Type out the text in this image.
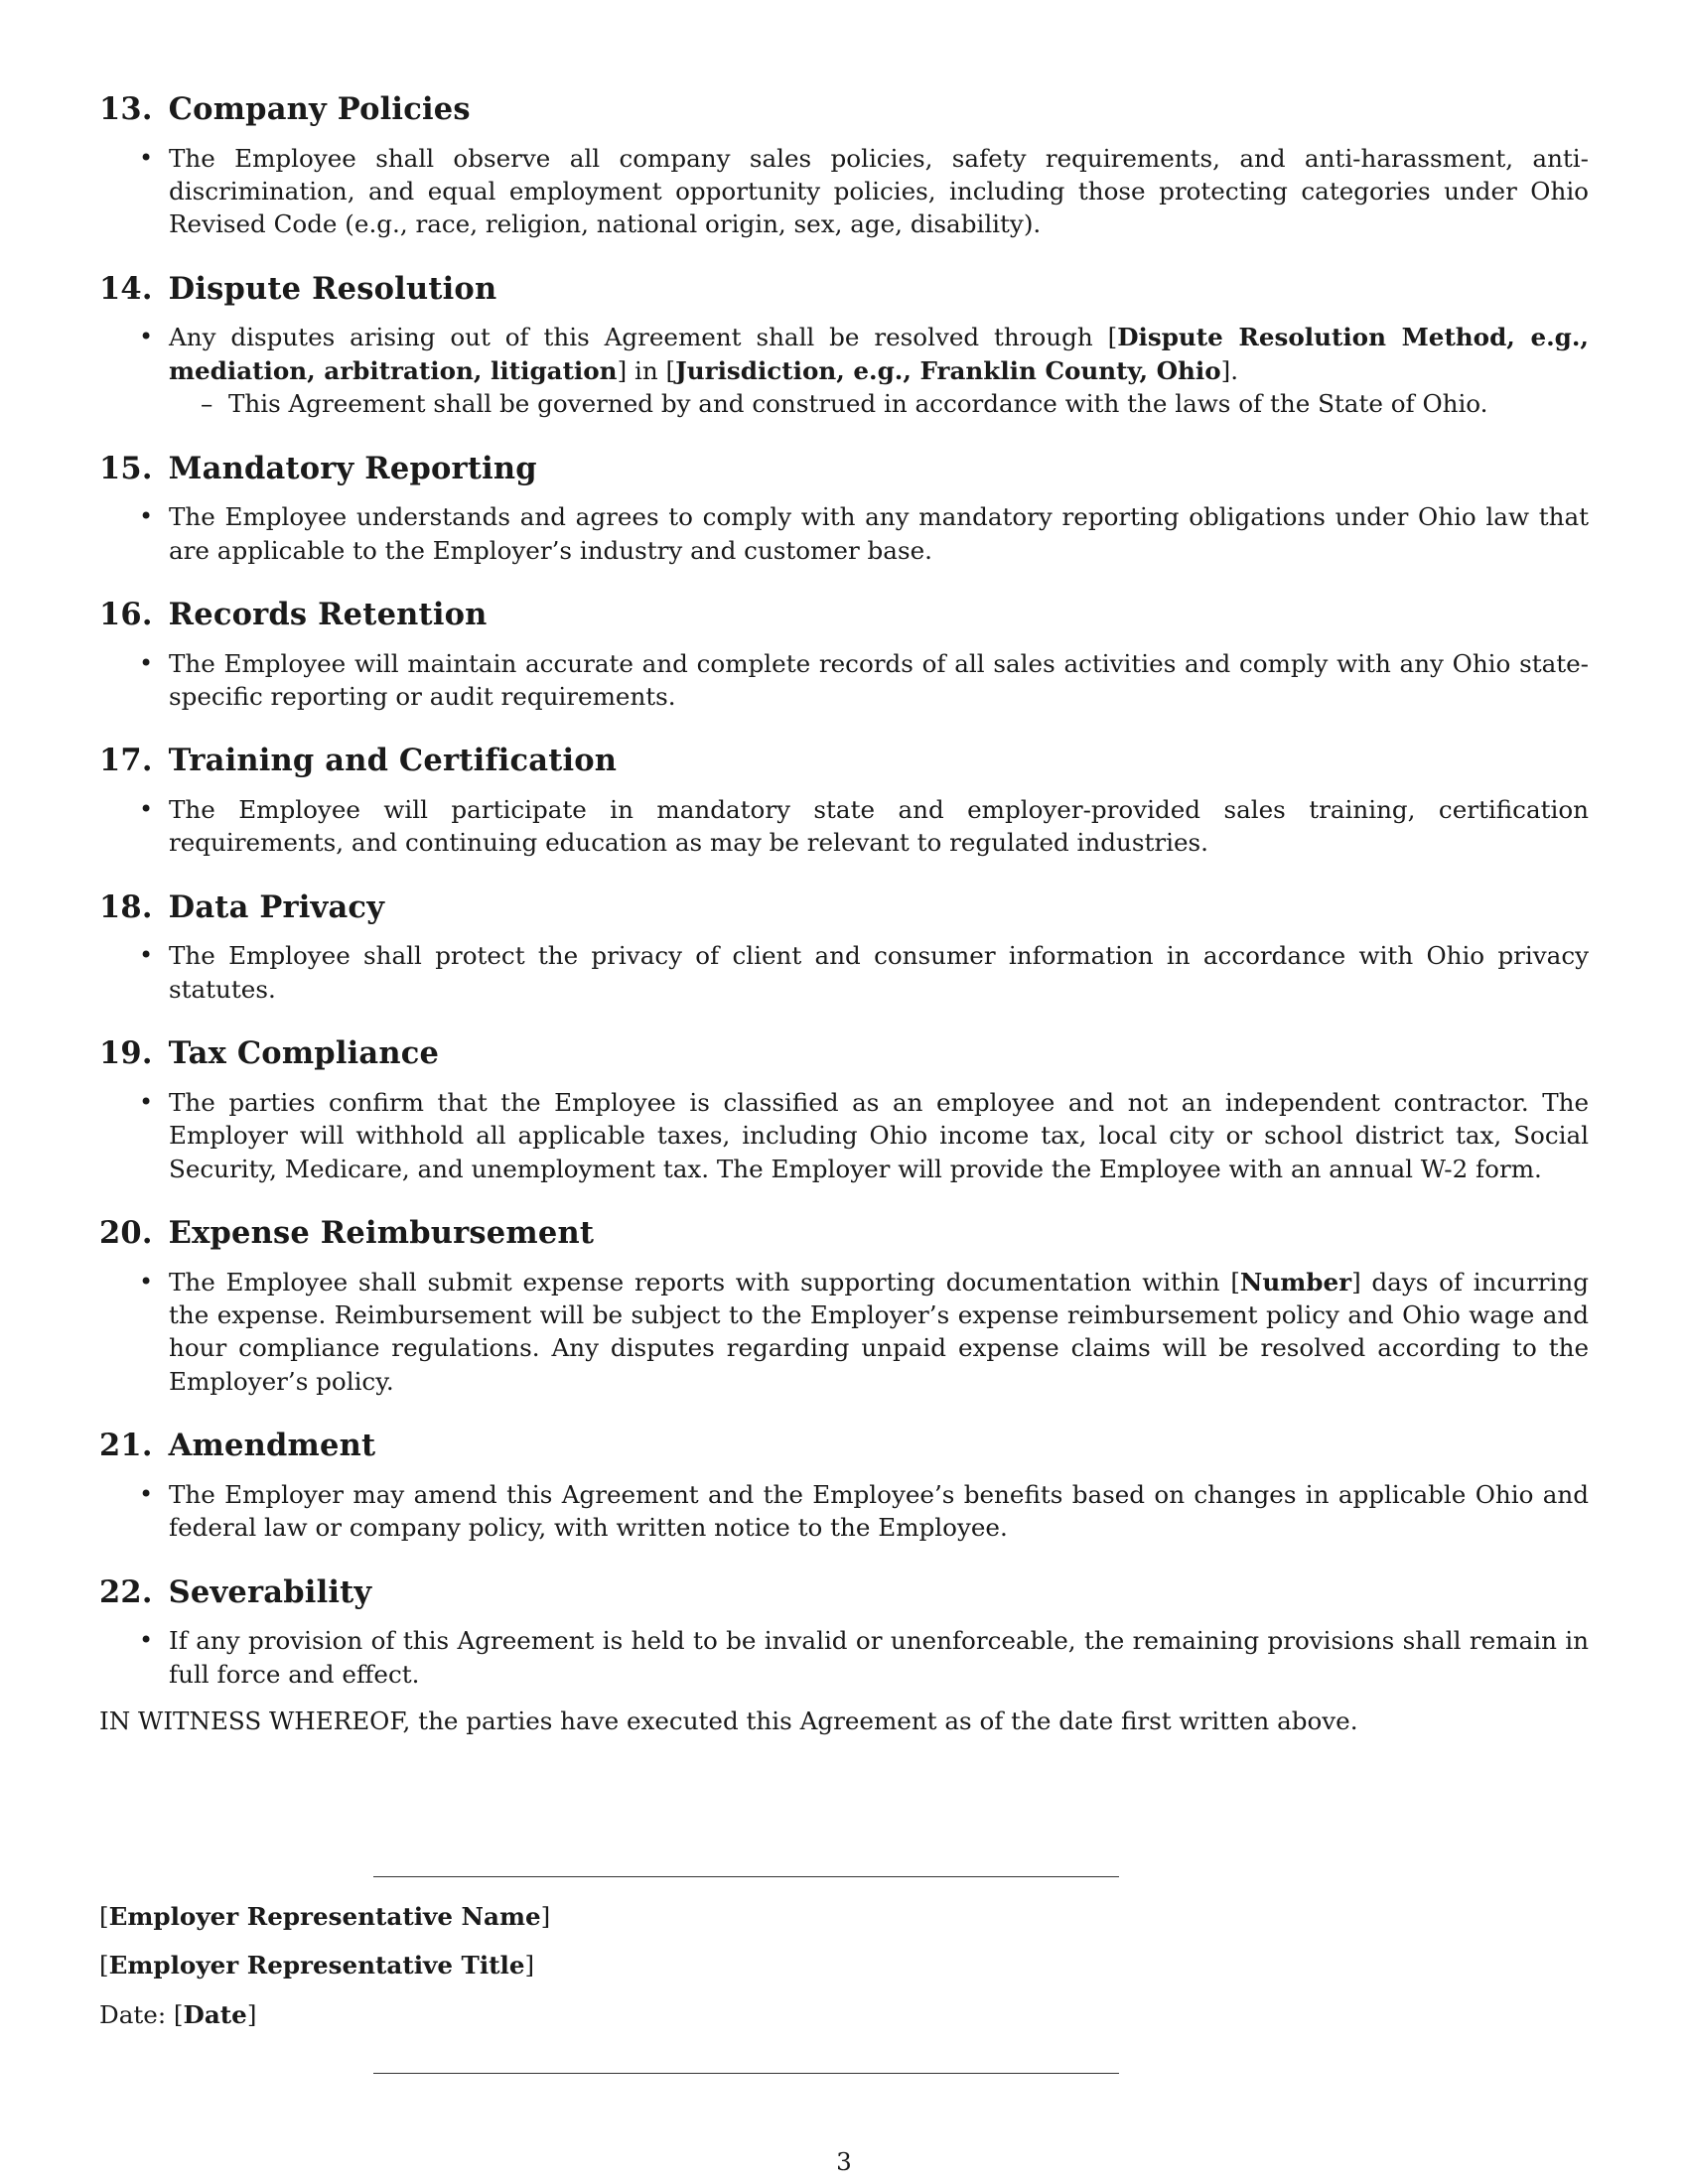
13. Company Policies
• The Employee shall observe all company sales policies, safety requirements, and anti-harassment, anti-discrimination, and equal employment opportunity policies, including those protecting categories under Ohio Revised Code (e.g., race, religion, national origin, sex, age, disability).
14. Dispute Resolution
• Any disputes arising out of this Agreement shall be resolved through [Dispute Resolution Method, e.g., mediation, arbitration, litigation] in [Jurisdiction, e.g., Franklin County, Ohio].
– This Agreement shall be governed by and construed in accordance with the laws of the State of Ohio.
15. Mandatory Reporting
• The Employee understands and agrees to comply with any mandatory reporting obligations under Ohio law that are applicable to the Employer’s industry and customer base.
16. Records Retention
• The Employee will maintain accurate and complete records of all sales activities and comply with any Ohio state-specific reporting or audit requirements.
17. Training and Certification
• The Employee will participate in mandatory state and employer-provided sales training, certification requirements, and continuing education as may be relevant to regulated industries.
18. Data Privacy
• The Employee shall protect the privacy of client and consumer information in accordance with Ohio privacy statutes.
19. Tax Compliance
• The parties confirm that the Employee is classified as an employee and not an independent contractor. The Employer will withhold all applicable taxes, including Ohio income tax, local city or school district tax, Social Security, Medicare, and unemployment tax. The Employer will provide the Employee with an annual W-2 form.
20. Expense Reimbursement
• The Employee shall submit expense reports with supporting documentation within [Number] days of incurring the expense. Reimbursement will be subject to the Employer’s expense reimbursement policy and Ohio wage and hour compliance regulations. Any disputes regarding unpaid expense claims will be resolved according to the Employer’s policy.
21. Amendment
• The Employer may amend this Agreement and the Employee’s benefits based on changes in applicable Ohio and federal law or company policy, with written notice to the Employee.
22. Severability
• If any provision of this Agreement is held to be invalid or unenforceable, the remaining provisions shall remain in full force and effect.
IN WITNESS WHEREOF, the parties have executed this Agreement as of the date first written above.
[Employer Representative Name]
[Employer Representative Title]
Date: [Date]
3
